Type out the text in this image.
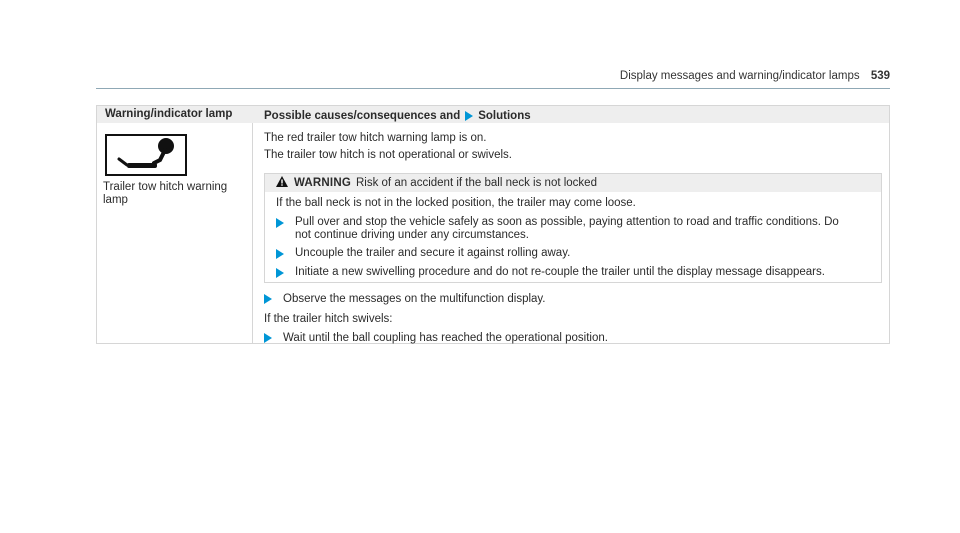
Display messages and warning/indicator lamps 539
Warning/indicator lamp	Possible causes/consequences and Solutions
Trailer tow hitch warning lamp
The red trailer tow hitch warning lamp is on.
The trailer tow hitch is not operational or swivels.
WARNING Risk of an accident if the ball neck is not locked
If the ball neck is not in the locked position, the trailer may come loose.
Pull over and stop the vehicle safely as soon as possible, paying attention to road and traffic conditions. Do not continue driving under any circumstances.
Uncouple the trailer and secure it against rolling away.
Initiate a new swivelling procedure and do not re-couple the trailer until the display message disappears.
Observe the messages on the multifunction display.
If the trailer hitch swivels:
Wait until the ball coupling has reached the operational position.
